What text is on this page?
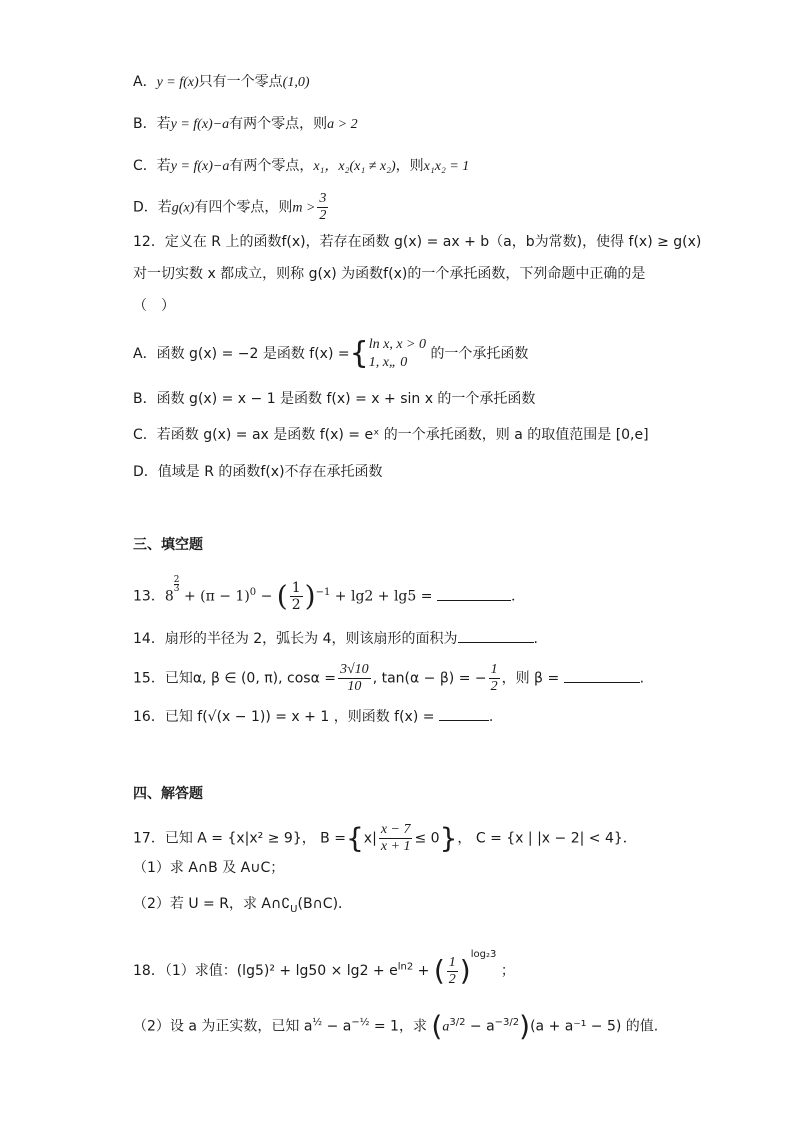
A．y = f(x)只有一个零点(1,0)
B．若y = f(x)−a有两个零点，则a > 2
C．若y = f(x)−a有两个零点，x₁，x₂(x₁ ≠ x₂)，则x₁x₂ = 1
D．若g(x)有四个零点，则$m > \frac{3}{2}$
12．定义在 R 上的函数f(x)，若存在函数 g(x) = ax + b（a，b为常数)，使得 f(x) ≥ g(x)
对一切实数 x 都成立，则称 g(x) 为函数f(x)的一个承托函数，下列命题中正确的是
（　）
A．函数 g(x) = −2 是函数 f(x) ={ ln x, x > 0
1, x„ 0
的一个承托函数
B．函数 g(x) = x − 1 是函数 f(x) = x + sin x 的一个承托函数
C．若函数 g(x) = ax 是函数 f(x) = eˣ 的一个承托函数，则 a 的取值范围是 [0,e]
D．值域是 R 的函数f(x)不存在承托函数
三、填空题
13．8
$^{\frac{2}{3}}$
+ $(\pi - 1)^0$ − ( $\frac{1}{2} )^{-1} + \lg 2 + \lg 5$ =	.
14．扇形的半径为 2，弧长为 4，则该扇形的面积为	.
15．已知α, β ∈ (0, π), $\cos\alpha = \frac{3√10}{10}$ , tan(α − β) = − $\frac{1}{2}$ ，则 β =	.
16．已知 f(√(x − 1)) = x + 1 ，则函数 f(x) =	.
四、解答题
17．已知 A = {x|x² ≥ 9}， $B =\{x| \frac{x - 7}{x + 1} \le 0\}$， C = {x | |x − 2| < 4}．
（1）求 A∩B 及 A∪C；
（2）若 U = R，求 $A\cap∁_U(B\cap C)$．
18．（1）求值：$(\lg 5)^2 + \lg 50 \times \lg 2 + e^{ln2}$ + ( $\frac{1}{2} )^{log_23}$ ；
（2）设 a 为正实数，已知 $a^{\frac{1}{2}} - a^{-\frac{1}{2}} = 1$，求 $(a^{3/2} - a^{-3/2})(a + a^{-1} - 5)$ 的值.
